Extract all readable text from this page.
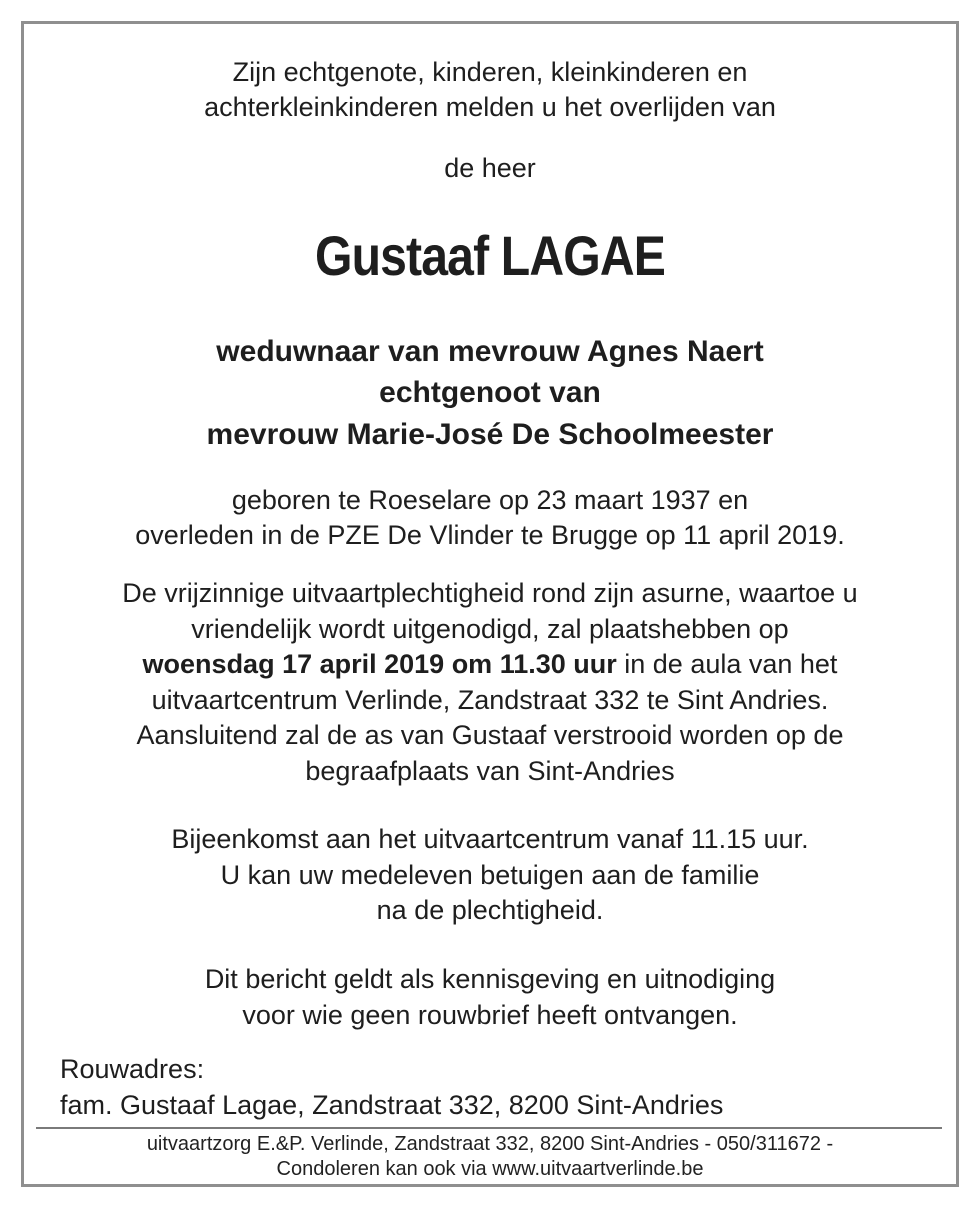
Zijn echtgenote, kinderen, kleinkinderen en
achterkleinkinderen melden u het overlijden van
de heer
Gustaaf LAGAE
weduwnaar van mevrouw Agnes Naert
echtgenoot van
mevrouw Marie-José De Schoolmeester
geboren te Roeselare op 23 maart 1937 en
overleden in de PZE De Vlinder te Brugge op 11 april 2019.
De vrijzinnige uitvaartplechtigheid rond zijn asurne, waartoe u
vriendelijk wordt uitgenodigd, zal plaatshebben op
woensdag 17 april 2019 om 11.30 uur in de aula van het
uitvaartcentrum Verlinde, Zandstraat 332 te Sint Andries.
Aansluitend zal de as van Gustaaf verstrooid worden op de
begraafplaats van Sint-Andries
Bijeenkomst aan het uitvaartcentrum vanaf 11.15 uur.
U kan uw medeleven betuigen aan de familie
na de plechtigheid.
Dit bericht geldt als kennisgeving en uitnodiging
voor wie geen rouwbrief heeft ontvangen.
Rouwadres:
fam. Gustaaf Lagae, Zandstraat 332, 8200 Sint-Andries
uitvaartzorg E.&P. Verlinde, Zandstraat 332, 8200 Sint-Andries - 050/311672 -
Condoleren kan ook via www.uitvaartverlinde.be
